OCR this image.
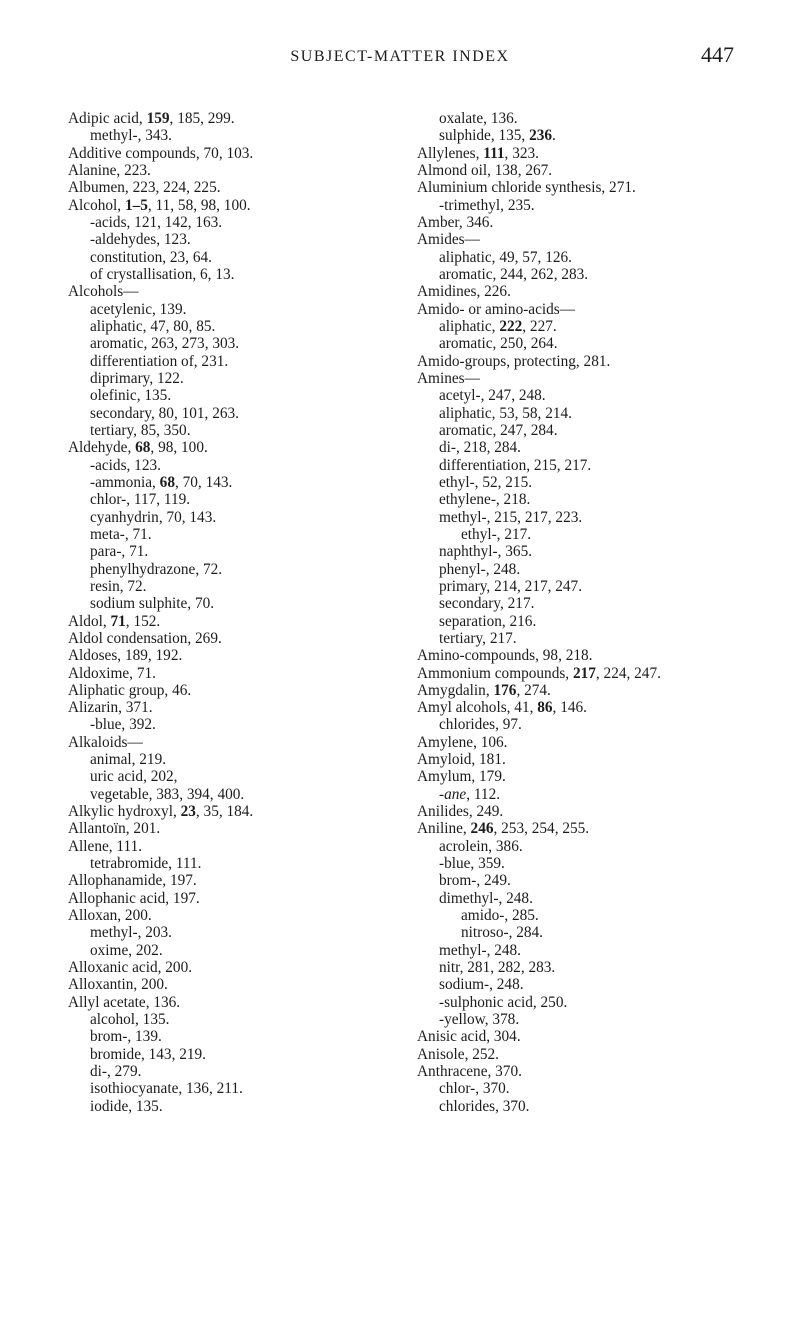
SUBJECT-MATTER INDEX	447
Adipic acid, 159, 185, 299.
methyl-, 343.
Additive compounds, 70, 103.
Alanine, 223.
Albumen, 223, 224, 225.
Alcohol, 1–5, 11, 58, 98, 100.
-acids, 121, 142, 163.
-aldehydes, 123.
constitution, 23, 64.
of crystallisation, 6, 13.
Alcohols—
acetylenic, 139.
aliphatic, 47, 80, 85.
aromatic, 263, 273, 303.
differentiation of, 231.
diprimary, 122.
olefinic, 135.
secondary, 80, 101, 263.
tertiary, 85, 350.
Aldehyde, 68, 98, 100.
-acids, 123.
-ammonia, 68, 70, 143.
chlor-, 117, 119.
cyanhydrin, 70, 143.
meta-, 71.
para-, 71.
phenylhydrazone, 72.
resin, 72.
sodium sulphite, 70.
Aldol, 71, 152.
Aldol condensation, 269.
Aldoses, 189, 192.
Aldoxime, 71.
Aliphatic group, 46.
Alizarin, 371.
-blue, 392.
Alkaloids—
animal, 219.
uric acid, 202,
vegetable, 383, 394, 400.
Alkylic hydroxyl, 23, 35, 184.
Allantoïn, 201.
Allene, 111.
tetrabromide, 111.
Allophanamide, 197.
Allophanic acid, 197.
Alloxan, 200.
methyl-, 203.
oxime, 202.
Alloxanic acid, 200.
Alloxantin, 200.
Allyl acetate, 136.
alcohol, 135.
brom-, 139.
bromide, 143, 219.
di-, 279.
isothiocyanate, 136, 211.
iodide, 135.
oxalate, 136.
sulphide, 135, 236.
Allylenes, 111, 323.
Almond oil, 138, 267.
Aluminium chloride synthesis, 271.
-trimethyl, 235.
Amber, 346.
Amides—
aliphatic, 49, 57, 126.
aromatic, 244, 262, 283.
Amidines, 226.
Amido- or amino-acids—
aliphatic, 222, 227.
aromatic, 250, 264.
Amido-groups, protecting, 281.
Amines—
acetyl-, 247, 248.
aliphatic, 53, 58, 214.
aromatic, 247, 284.
di-, 218, 284.
differentiation, 215, 217.
ethyl-, 52, 215.
ethylene-, 218.
methyl-, 215, 217, 223.
ethyl-, 217.
naphthyl-, 365.
phenyl-, 248.
primary, 214, 217, 247.
secondary, 217.
separation, 216.
tertiary, 217.
Amino-compounds, 98, 218.
Ammonium compounds, 217, 224, 247.
Amygdalin, 176, 274.
Amyl alcohols, 41, 86, 146.
chlorides, 97.
Amylene, 106.
Amyloid, 181.
Amylum, 179.
-ane, 112.
Anilides, 249.
Aniline, 246, 253, 254, 255.
acrolein, 386.
-blue, 359.
brom-, 249.
dimethyl-, 248.
amido-, 285.
nitroso-, 284.
methyl-, 248.
nitr, 281, 282, 283.
sodium-, 248.
-sulphonic acid, 250.
-yellow, 378.
Anisic acid, 304.
Anisole, 252.
Anthracene, 370.
chlor-, 370.
chlorides, 370.
